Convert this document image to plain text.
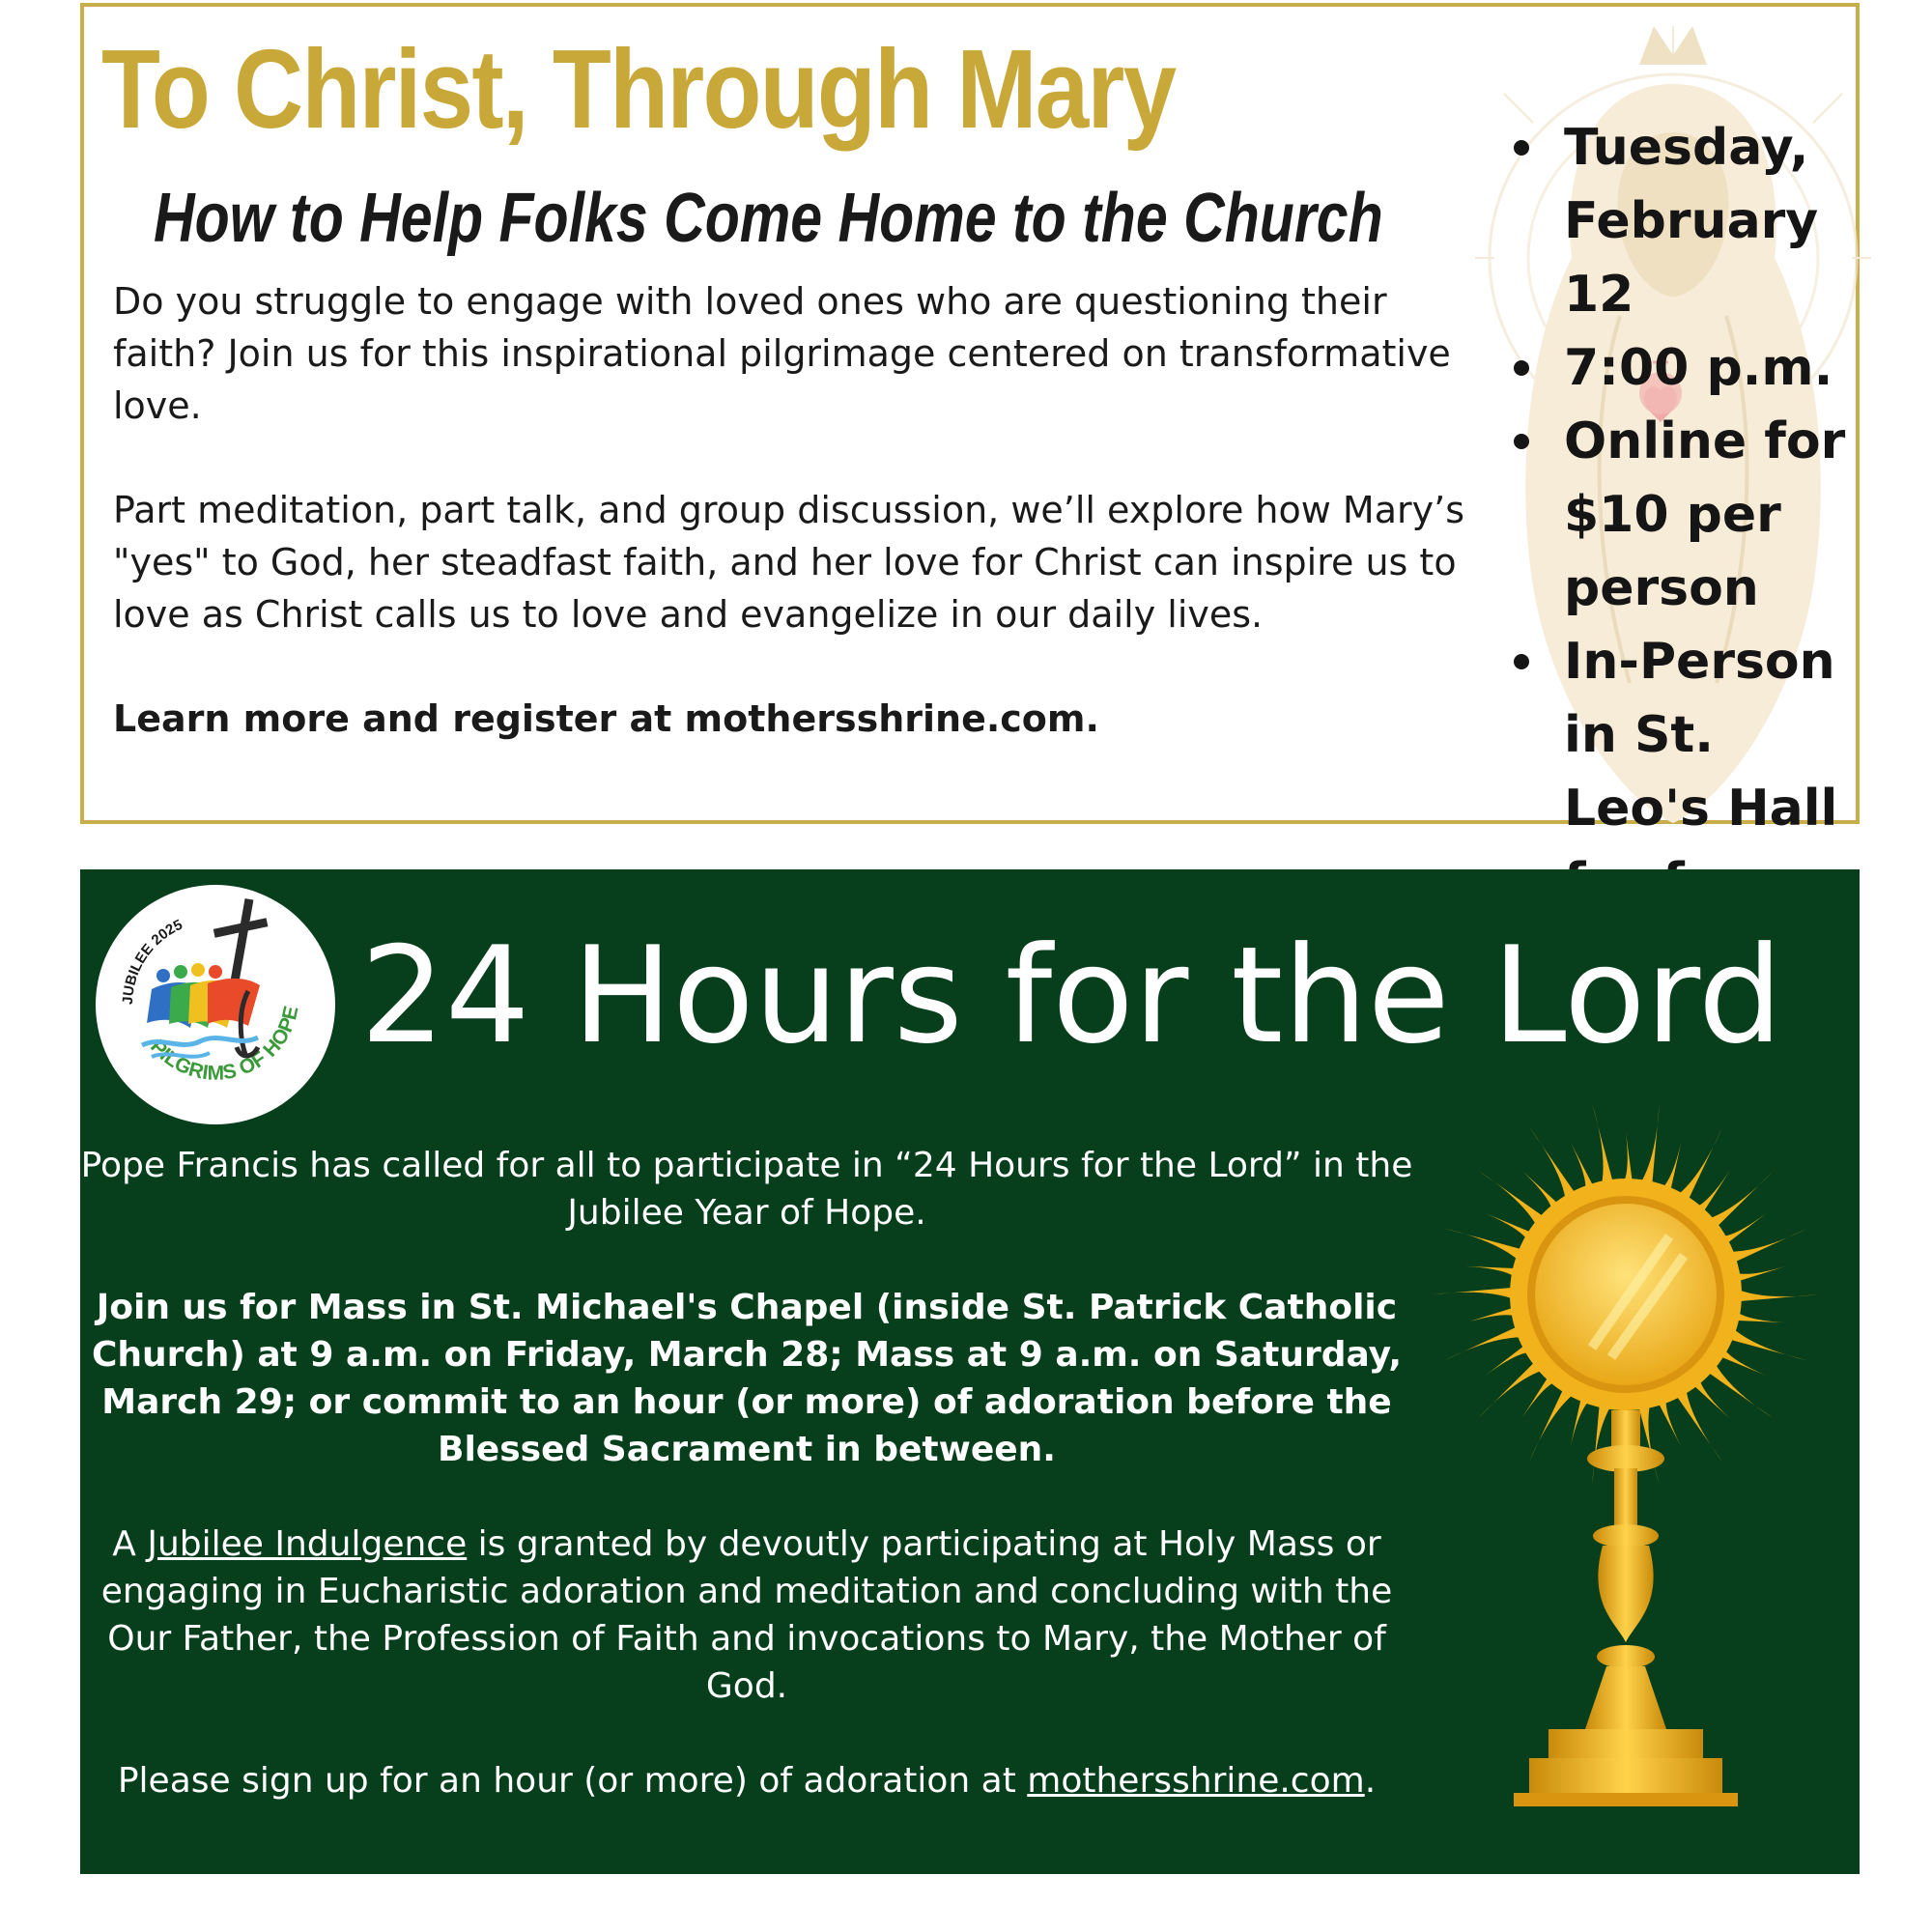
To Christ, Through Mary
How to Help Folks Come Home to the Church

Do you struggle to engage with loved ones who are questioning their faith? Join us for this inspirational pilgrimage centered on transformative love.

Part meditation, part talk, and group discussion, we’ll explore how Mary’s "yes" to God, her steadfast faith, and her love for Christ can inspire us to love as Christ calls us to love and evangelize in our daily lives.

Learn more and register at mothersshrine.com.

Tuesday, February 12
7:00 p.m.
Online for $10 per person
In-Person in St. Leo's Hall
JUBILEE 2025
PILGRIMS OF HOPE 24 Hours for the Lord

Pope Francis has called for all to participate in “24 Hours for the Lord” in the Jubilee Year of Hope.

Join us for Mass in St. Michael's Chapel (inside St. Patrick Catholic Church) at 9 a.m. on Friday, March 28; Mass at 9 a.m. on Saturday, March 29; or commit to an hour (or more) of adoration before the Blessed Sacrament in between.

A Jubilee Indulgence is granted by devoutly participating at Holy Mass or engaging in Eucharistic adoration and meditation and concluding with the Our Father, the Profession of Faith and invocations to Mary, the Mother of God.

Please sign up for an hour (or more) of adoration at mothersshrine.com.
